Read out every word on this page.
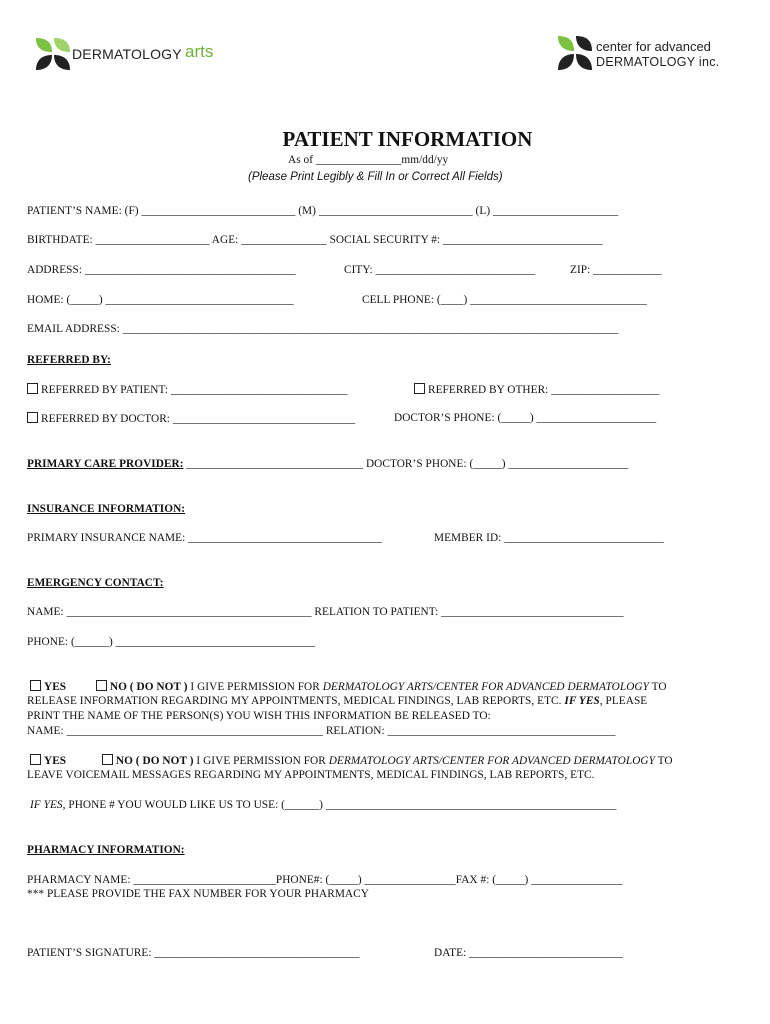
DERMATOLOGY arts	center for advanced
DERMATOLOGY inc.
PATIENT INFORMATION
As of _______________mm/dd/yy
(Please Print Legibly & Fill In or Correct All Fields)
PATIENT’S NAME: (F) ___________________________ (M) ___________________________ (L) ______________________
BIRTHDATE: ____________________ AGE: _______________ SOCIAL SECURITY #: ____________________________
ADDRESS: _____________________________________	CITY: ____________________________	ZIP: ____________
HOME: (_____) _________________________________	CELL PHONE: (____) _______________________________
EMAIL ADDRESS: _______________________________________________________________________________________
REFERRED BY:
REFERRED BY PATIENT: _______________________________	REFERRED BY OTHER: ___________________
REFERRED BY DOCTOR: ________________________________	DOCTOR’S PHONE: (_____) _____________________
PRIMARY CARE PROVIDER: _______________________________ DOCTOR’S PHONE: (_____) _____________________
INSURANCE INFORMATION:
PRIMARY INSURANCE NAME: __________________________________	MEMBER ID: ____________________________
EMERGENCY CONTACT:
NAME: ___________________________________________ RELATION TO PATIENT: ________________________________
PHONE: (______) ___________________________________
YES	NO ( DO NOT ) I GIVE PERMISSION FOR DERMATOLOGY ARTS/CENTER FOR ADVANCED DERMATOLOGY TO
RELEASE INFORMATION REGARDING MY APPOINTMENTS, MEDICAL FINDINGS, LAB REPORTS, ETC. IF YES, PLEASE
PRINT THE NAME OF THE PERSON(S) YOU WISH THIS INFORMATION BE RELEASED TO:
NAME: _____________________________________________ RELATION: ________________________________________
YES	NO ( DO NOT ) I GIVE PERMISSION FOR DERMATOLOGY ARTS/CENTER FOR ADVANCED DERMATOLOGY TO
LEAVE VOICEMAIL MESSAGES REGARDING MY APPOINTMENTS, MEDICAL FINDINGS, LAB REPORTS, ETC.
IF YES, PHONE # YOU WOULD LIKE US TO USE: (______) ___________________________________________________
PHARMACY INFORMATION:
PHARMACY NAME: _________________________PHONE#: (_____) ________________FAX #: (_____) ________________
*** PLEASE PROVIDE THE FAX NUMBER FOR YOUR PHARMACY
PATIENT’S SIGNATURE: ____________________________________	DATE: ___________________________
